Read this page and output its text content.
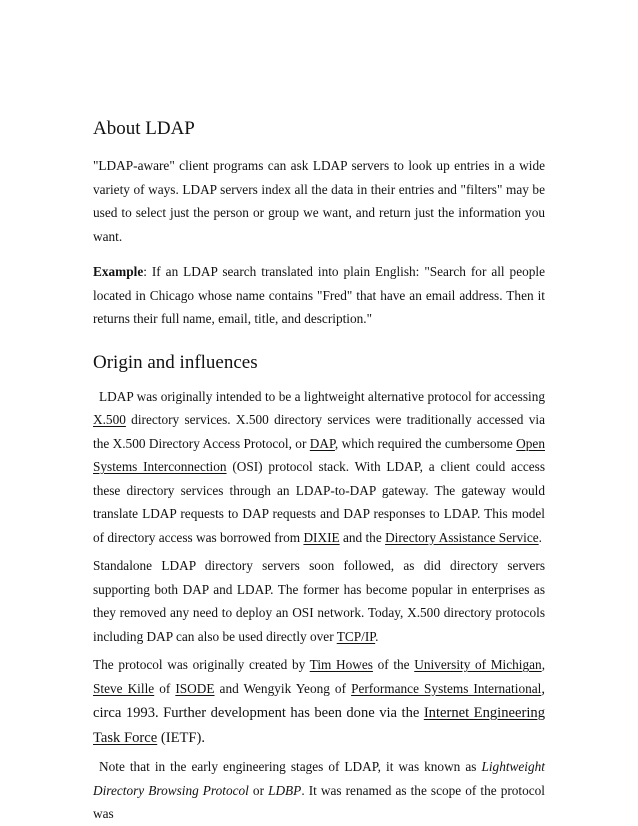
About LDAP

"LDAP-aware" client programs can ask LDAP servers to look up entries in a wide variety of ways. LDAP servers index all the data in their entries and "filters" may be used to select just the person or group we want, and return just the information you want.

Example: If an LDAP search translated into plain English: "Search for all people located in Chicago whose name contains "Fred" that have an email address. Then it returns their full name, email, title, and description."

Origin and influences

LDAP was originally intended to be a lightweight alternative protocol for accessing X.500 directory services. X.500 directory services were traditionally accessed via the X.500 Directory Access Protocol, or DAP, which required the cumbersome Open Systems Interconnection (OSI) protocol stack. With LDAP, a client could access these directory services through an LDAP-to-DAP gateway. The gateway would translate LDAP requests to DAP requests and DAP responses to LDAP. This model of directory access was borrowed from DIXIE and the Directory Assistance Service.

Standalone LDAP directory servers soon followed, as did directory servers supporting both DAP and LDAP. The former has become popular in enterprises as they removed any need to deploy an OSI network. Today, X.500 directory protocols including DAP can also be used directly over TCP/IP.

The protocol was originally created by Tim Howes of the University of Michigan, Steve Kille of ISODE and Wengyik Yeong of Performance Systems International, circa 1993. Further development has been done via the Internet Engineering Task Force (IETF).

Note that in the early engineering stages of LDAP, it was known as Lightweight Directory Browsing Protocol or LDBP. It was renamed as the scope of the protocol was
